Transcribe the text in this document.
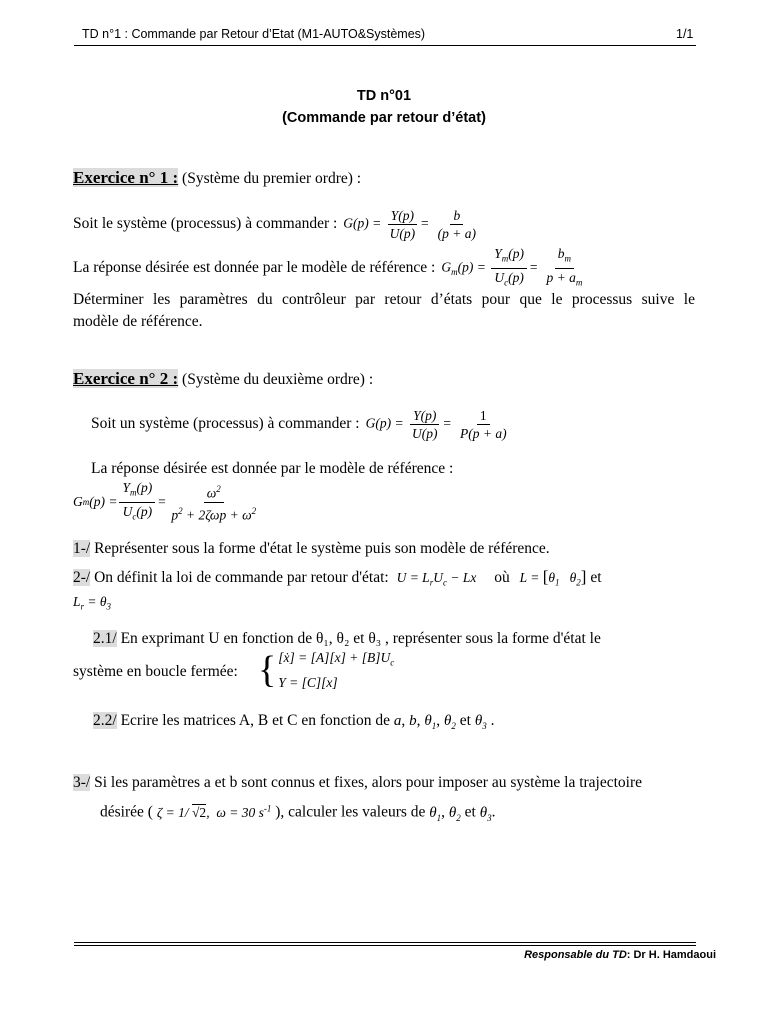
TD n°1 : Commande par Retour d’Etat (M1-AUTO&Systèmes)	1/1
TD n°01
(Commande par retour d’état)
Exercice n° 1 : (Système du premier ordre) :
Soit le système (processus) à commander : $G(p) = \frac{Y(p)}{U(p)} = \frac{b}{(p + a)}$
La réponse désirée est donnée par le modèle de référence : $G_m(p) = \frac{Y_m(p)}{U_c(p)} = \frac{b_m}{p + a_m}$
Déterminer les paramètres du contrôleur par retour d’états pour que le processus suive le
modèle de référence.
Exercice n° 2 : (Système du deuxième ordre) :
Soit un système (processus) à commander : $G(p) = \frac{Y(p)}{U(p)} = \frac{1}{P(p + a)}$
La réponse désirée est donnée par le modèle de référence :
G m $(p) = \frac{Y_m(p)}{U_c(p)} = \frac{\omega^2}{p^2 + 2\zeta\omega p + \omega^2}$
1-/ Représenter sous la forme d'état le système puis son modèle de référence.
2-/ On définit la loi de commande par retour d'état: $U = L_rU_c - Lx$ où $L = [\theta_1$   $\theta_2$] et
$L_r = \theta_3$
2.1/ En exprimant U en fonction de θ₁, θ₂ et θ₃ , représenter sous la forme d'état le
système en boucle fermée: { [ẋ] = $[A][x] + [B]U_c$
Y = [C][x]
2.2/ Ecrire les matrices A, B et C en fonction de a, b, $\theta_1$, $\theta_2$ et $\theta_3$ .
3-/ Si les paramètres a et b sont connus et fixes, alors pour imposer au système la trajectoire
désirée ( ζ = 1/ √2,  ω = 30 $s^{-1}$ ), calculer les valeurs de $\theta_1$, $\theta_2$ et $\theta_3$.
Responsable du TD: Dr H. Hamdaoui
